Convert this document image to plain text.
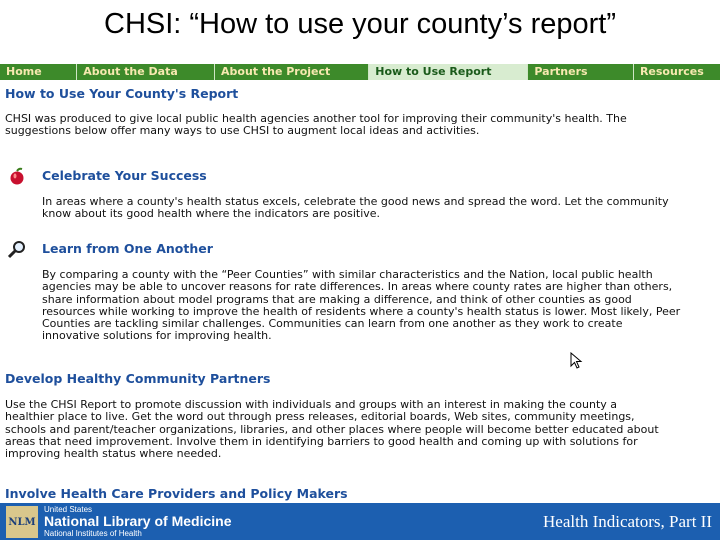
CHSI: “How to use your county’s report”
Home	About the Data	About the Project	How to Use Report	Partners	Resources
How to Use Your County's Report

CHSI was produced to give local public health agencies another tool for improving their community's health. The suggestions below offer many ways to use CHSI to augment local ideas and activities.

Celebrate Your Success
In areas where a county's health status excels, celebrate the good news and spread the word. Let the community know about its good health where the indicators are positive.
Learn from One Another
By comparing a county with the “Peer Counties” with similar characteristics and the Nation, local public health agencies may be able to uncover reasons for rate differences. In areas where county rates are higher than others, share information about model programs that are making a difference, and think of other counties as good resources while working to improve the health of residents where a county's health status is lower. Most likely, Peer Counties are tackling similar challenges. Communities can learn from one another as they work to create innovative solutions for improving health.
Develop Healthy Community Partners
Use the CHSI Report to promote discussion with individuals and groups with an interest in making the county a healthier place to live. Get the word out through press releases, editorial boards, Web sites, community meetings, schools and parent/teacher organizations, libraries, and other places where people will become better educated about areas that need improvement. Involve them in identifying barriers to good health and coming up with solutions for improving health status where needed.
Involve Health Care Providers and Policy Makers
NLM
United States
National Library of Medicine
National Institutes of Health
Health Indicators, Part II
